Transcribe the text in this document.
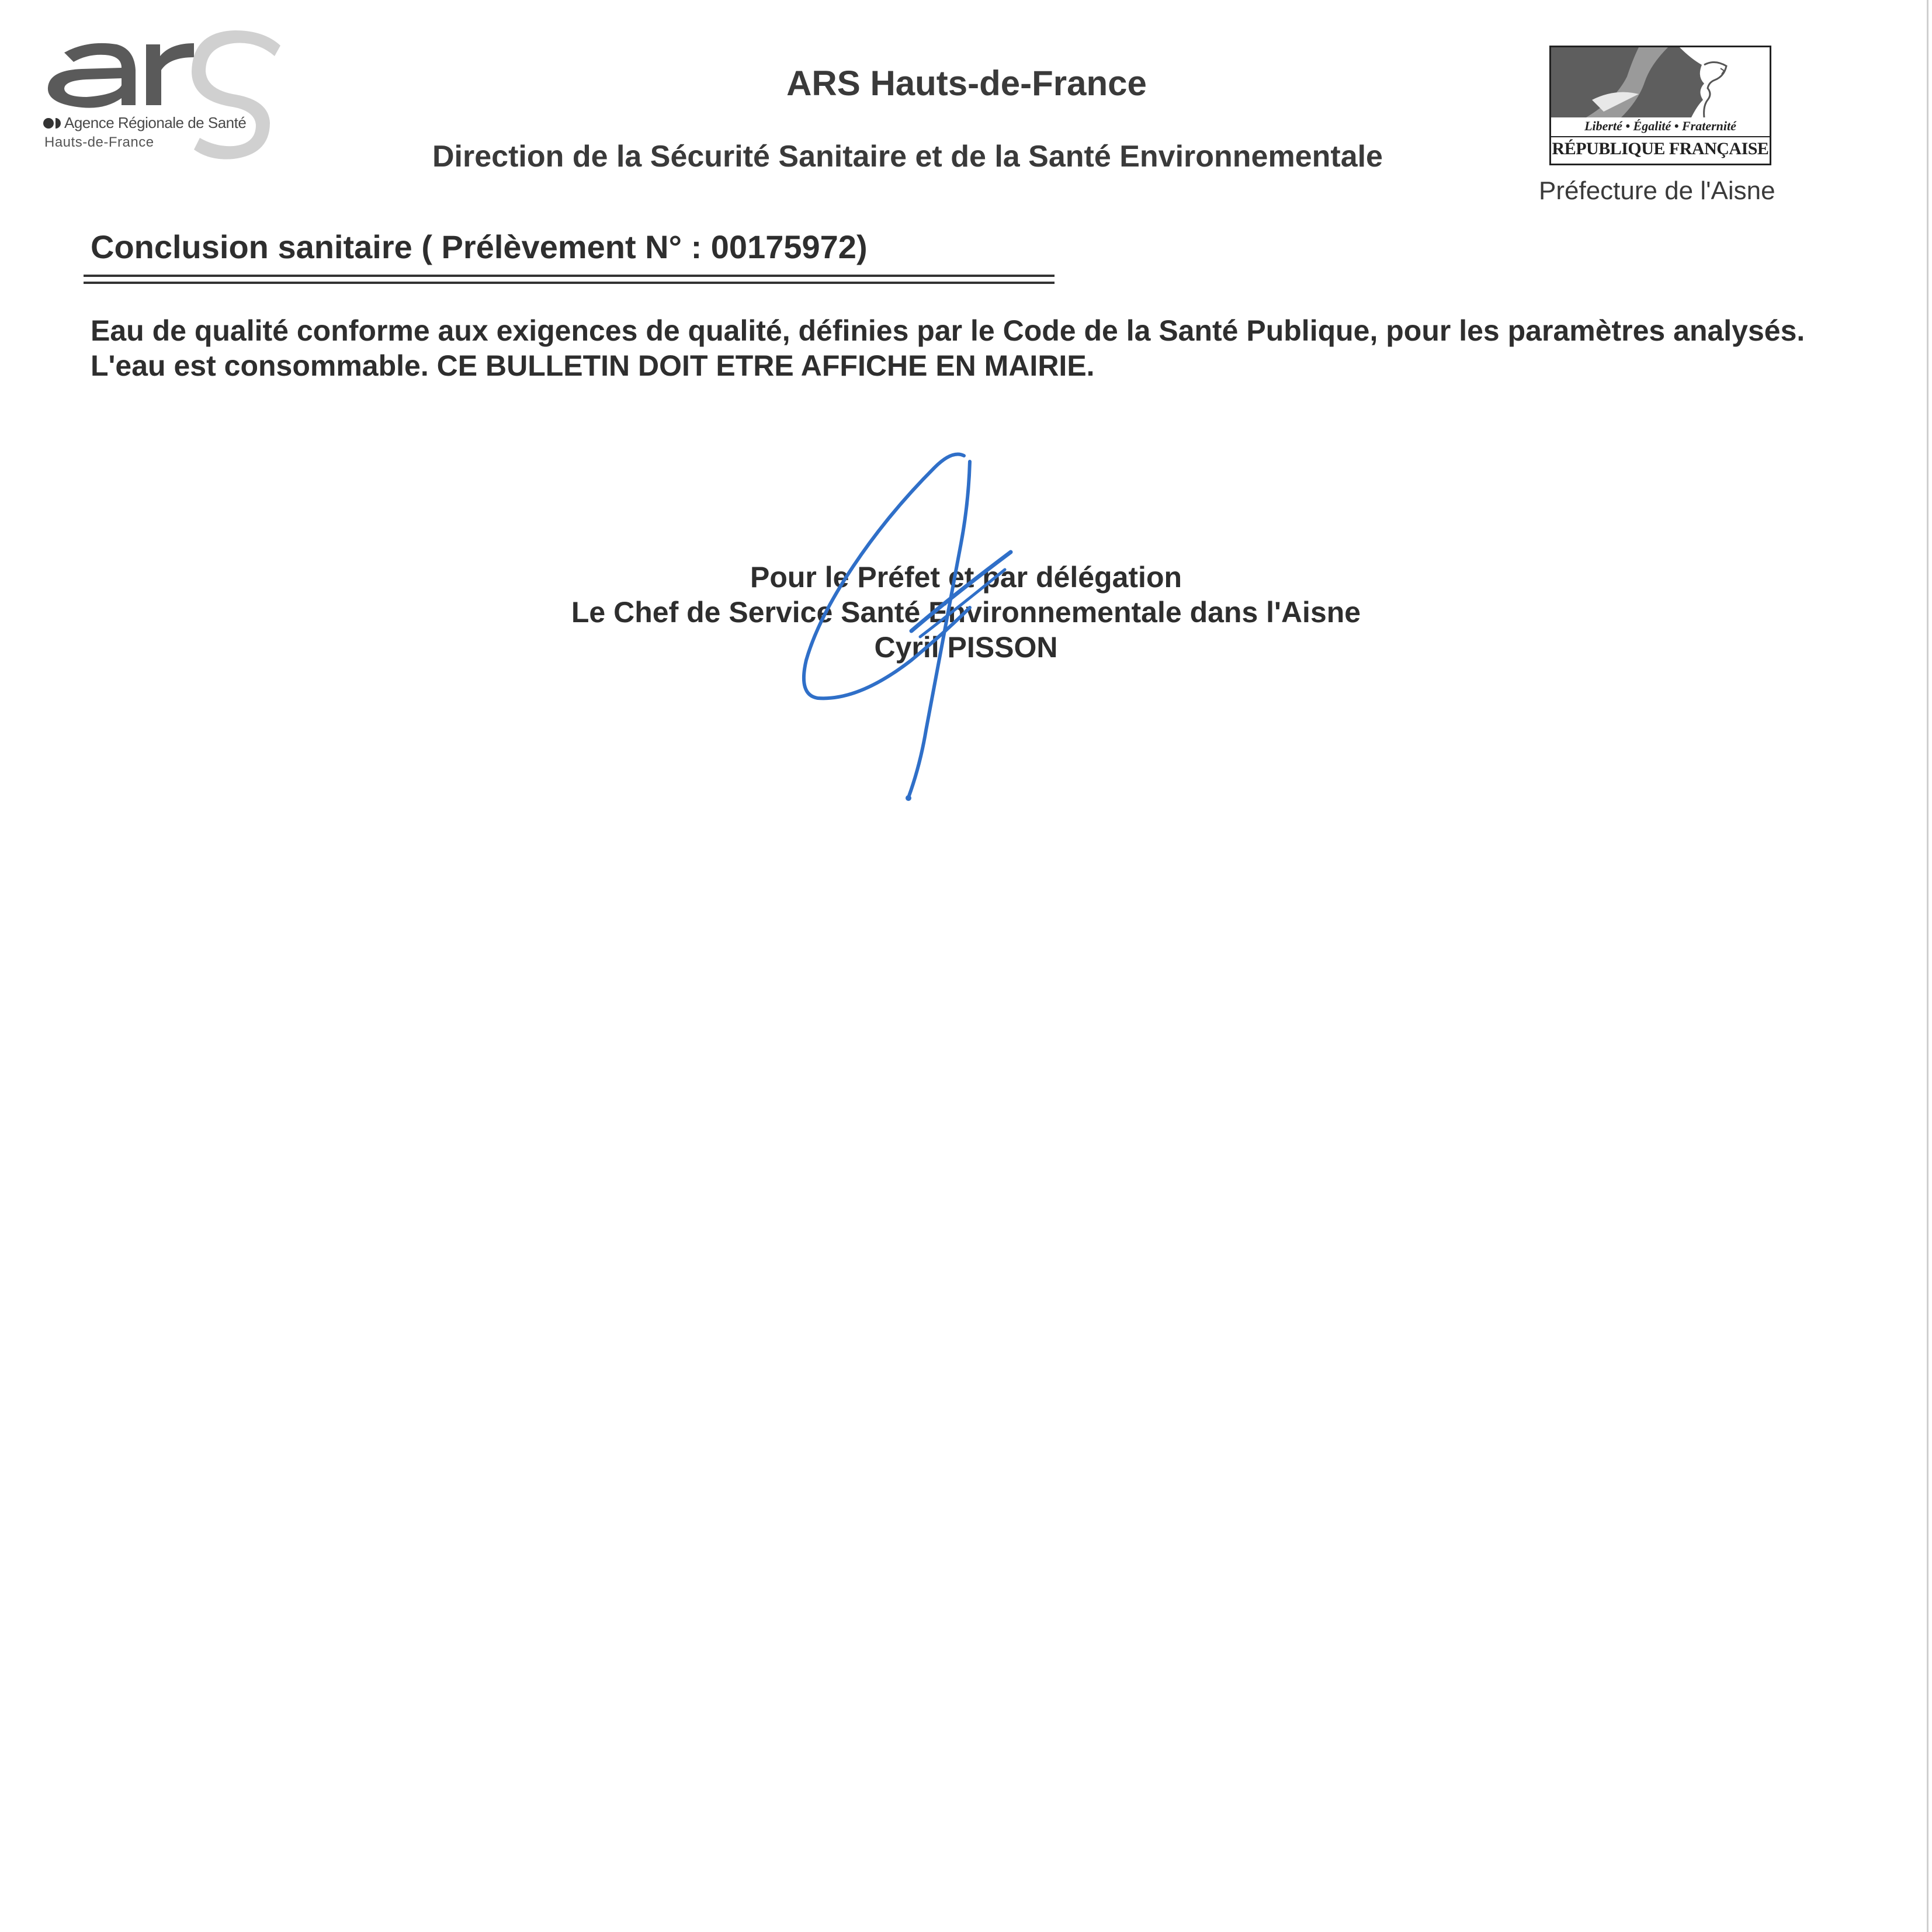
Agence Régionale de Santé
Hauts-de-France
ARS Hauts-de-France
Direction de la Sécurité Sanitaire et de la Santé Environnementale
Liberté • Égalité • Fraternité
RÉPUBLIQUE FRANÇAISE
Préfecture de l'Aisne
Conclusion sanitaire ( Prélèvement N° : 00175972)
Eau de qualité conforme aux exigences de qualité, définies par le Code de la Santé Publique, pour les paramètres analysés.
L'eau est consommable. CE BULLETIN DOIT ETRE AFFICHE EN MAIRIE.
Pour le Préfet et par délégation
Le Chef de Service Santé Environnementale dans l'Aisne
Cyril PISSON
